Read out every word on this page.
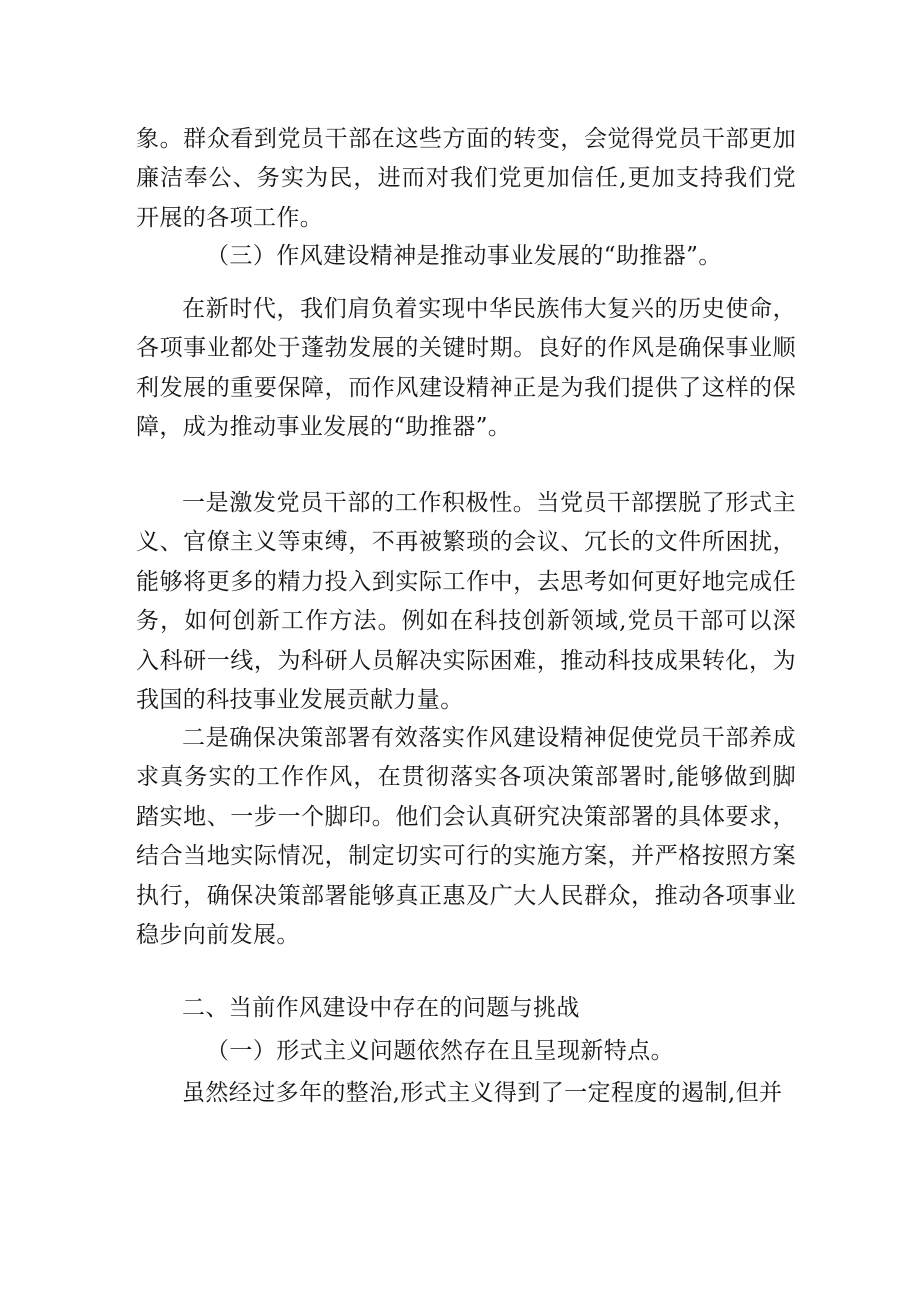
象。群众看到党员干部在这些方面的转变，会觉得党员干部更加廉洁奉公、务实为民，进而对我们党更加信任,更加支持我们党开展的各项工作。

（三）作风建设精神是推动事业发展的“助推器”。

在新时代，我们肩负着实现中华民族伟大复兴的历史使命，各项事业都处于蓬勃发展的关键时期。良好的作风是确保事业顺利发展的重要保障，而作风建设精神正是为我们提供了这样的保障，成为推动事业发展的“助推器”。

一是激发党员干部的工作积极性。当党员干部摆脱了形式主义、官僚主义等束缚，不再被繁琐的会议、冗长的文件所困扰，能够将更多的精力投入到实际工作中，去思考如何更好地完成任务，如何创新工作方法。例如在科技创新领域,党员干部可以深入科研一线，为科研人员解决实际困难，推动科技成果转化，为我国的科技事业发展贡献力量。

二是确保决策部署有效落实作风建设精神促使党员干部养成求真务实的工作作风，在贯彻落实各项决策部署时,能够做到脚踏实地、一步一个脚印。他们会认真研究决策部署的具体要求，结合当地实际情况，制定切实可行的实施方案，并严格按照方案执行，确保决策部署能够真正惠及广大人民群众，推动各项事业稳步向前发展。

二、当前作风建设中存在的问题与挑战

（一）形式主义问题依然存在且呈现新特点。

虽然经过多年的整治,形式主义得到了一定程度的遏制,但并
